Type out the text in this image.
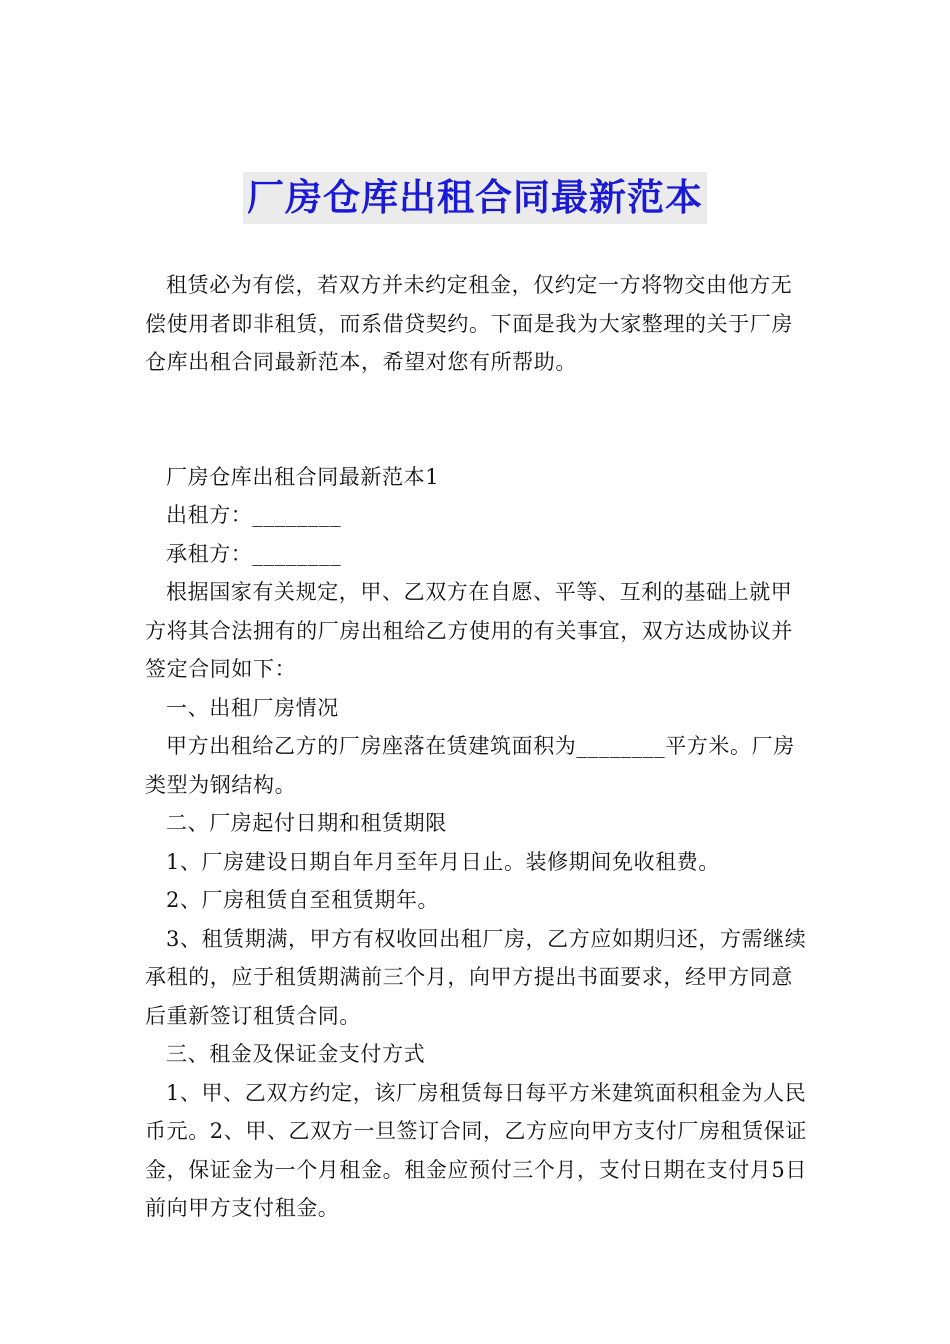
厂房仓库出租合同最新范本

租赁必为有偿，若双方并未约定租金，仅约定一方将物交由他方无偿使用者即非租赁，而系借贷契约。下面是我为大家整理的关于厂房仓库出租合同最新范本，希望对您有所帮助。

厂房仓库出租合同最新范本1

出租方：________

承租方：________

根据国家有关规定，甲、乙双方在自愿、平等、互利的基础上就甲方将其合法拥有的厂房出租给乙方使用的有关事宜，双方达成协议并签定合同如下：

一、出租厂房情况

甲方出租给乙方的厂房座落在赁建筑面积为________平方米。厂房类型为钢结构。

二、厂房起付日期和租赁期限

1、厂房建设日期自年月至年月日止。装修期间免收租费。

2、厂房租赁自至租赁期年。

3、租赁期满，甲方有权收回出租厂房，乙方应如期归还，方需继续承租的，应于租赁期满前三个月，向甲方提出书面要求，经甲方同意后重新签订租赁合同。

三、租金及保证金支付方式

1、甲、乙双方约定，该厂房租赁每日每平方米建筑面积租金为人民币元。2、甲、乙双方一旦签订合同，乙方应向甲方支付厂房租赁保证金，保证金为一个月租金。租金应预付三个月，支付日期在支付月5日前向甲方支付租金。
